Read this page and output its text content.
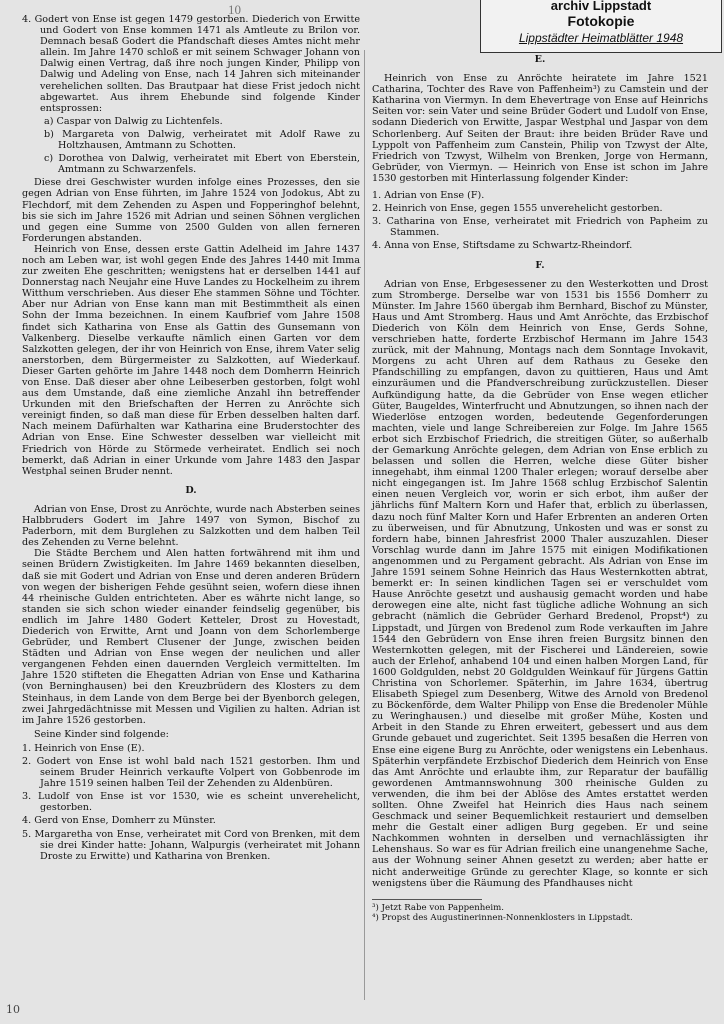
10	archiv Lippstadt
Fotokopie
Lippstädter Heimatblätter 1948

4. Godert von Ense ist gegen 1479 gestorben. Diederich von Erwitte und Godert von Ense kommen 1471 als Amtleute zu Brilon vor. Demnach besaß Godert die Pfandschaft dieses Amtes nicht mehr allein. Im Jahre 1470 schloß er mit seinem Schwager Johann von Dalwig einen Vertrag, daß ihre noch jungen Kinder, Philipp von Dalwig und Adeling von Ense, nach 14 Jahren sich miteinander verehelichen sollten. Das Brautpaar hat diese Frist jedoch nicht abgewartet. Aus ihrem Ehebunde sind folgende Kinder entsprossen:

a) Caspar von Dalwig zu Lichtenfels.

b) Margareta von Dalwig, verheiratet mit Adolf Rawe zu Holtzhausen, Amtmann zu Schotten.

c) Dorothea von Dalwig, verheiratet mit Ebert von Eberstein, Amtmann zu Schwarzenfels.

Diese drei Geschwister wurden infolge eines Prozesses, den sie gegen Adrian von Ense führten, im Jahre 1524 von Jodokus, Abt zu Flechdorf, mit dem Zehenden zu Aspen und Fopperinghof belehnt, bis sie sich im Jahre 1526 mit Adrian und seinen Söhnen verglichen und gegen eine Summe von 2500 Gulden von allen ferneren Forderungen abstanden.

Heinrich von Ense, dessen erste Gattin Adelheid im Jahre 1437 noch am Leben war, ist wohl gegen Ende des Jahres 1440 mit Imma zur zweiten Ehe geschritten; wenigstens hat er derselben 1441 auf Donnerstag nach Neujahr eine Huve Landes zu Hockelheim zu ihrem Witthum verschrieben. Aus dieser Ehe stammen Söhne und Töchter. Aber nur Adrian von Ense kann man mit Bestimmtheit als einen Sohn der Imma bezeichnen. In einem Kaufbrief vom Jahre 1508 findet sich Katharina von Ense als Gattin des Gunsemann von Valkenberg. Dieselbe verkaufte nämlich einen Garten vor dem Salzkotten gelegen, der ihr von Heinrich von Ense, ihrem Vater selig anerstorben, dem Bürgermeister zu Salzkotten, auf Wiederkauf. Dieser Garten gehörte im Jahre 1448 noch dem Domherrn Heinrich von Ense. Daß dieser aber ohne Leibeserben gestorben, folgt wohl aus dem Umstande, daß eine ziemliche Anzahl ihn betreffender Urkunden mit den Briefschaften der Herren zu Anröchte sich vereinigt finden, so daß man diese für Erben desselben halten darf. Nach meinem Dafürhalten war Katharina eine Bruderstochter des Adrian von Ense. Eine Schwester desselben war vielleicht mit Friedrich von Hörde zu Störmede verheiratet. Endlich sei noch bemerkt, daß Adrian in einer Urkunde vom Jahre 1483 den Jaspar Westphal seinen Bruder nennt.

D.

Adrian von Ense, Drost zu Anröchte, wurde nach Absterben seines Halbbruders Godert im Jahre 1497 von Symon, Bischof zu Paderborn, mit dem Burglehen zu Salzkotten und dem halben Teil des Zehenden zu Verne belehnt.

Die Städte Berchem und Alen hatten fortwährend mit ihm und seinen Brüdern Zwistigkeiten. Im Jahre 1469 bekannten dieselben, daß sie mit Godert und Adrian von Ense und deren anderen Brüdern von wegen der bisherigen Fehde gesühnt seien, wofern diese ihnen 44 rheinische Gulden entrichteten. Aber es währte nicht lange, so standen sie sich schon wieder einander feindselig gegenüber, bis endlich im Jahre 1480 Godert Ketteler, Drost zu Hovestadt, Diederich von Erwitte, Arnt und Joann von dem Schorlemberge Gebrüder, und Rembert Clusener der Junge, zwischen beiden Städten und Adrian von Ense wegen der neulichen und aller vergangenen Fehden einen dauernden Vergleich vermittelten. Im Jahre 1520 stifteten die Ehegatten Adrian von Ense und Katharina (von Berninghausen) bei den Kreuzbrüdern des Klosters zu dem Steinhaus, in dem Lande von dem Berge bei der Byenborch gelegen, zwei Jahrgedächtnisse mit Messen und Vigilien zu halten. Adrian ist im Jahre 1526 gestorben.

Seine Kinder sind folgende:

1. Heinrich von Ense (E).

2. Godert von Ense ist wohl bald nach 1521 gestorben. Ihm und seinem Bruder Heinrich verkaufte Volpert von Gobbenrode im Jahre 1519 seinen halben Teil der Zehenden zu Aldenbüren.

3. Ludolf von Ense ist vor 1530, wie es scheint unverehelicht, gestorben.

4. Gerd von Ense, Domherr zu Münster.

5. Margaretha von Ense, verheiratet mit Cord von Brenken, mit dem sie drei Kinder hatte: Johann, Walpurgis (verheiratet mit Johann Droste zu Erwitte) und Katharina von Brenken.

E.

Heinrich von Ense zu Anröchte heiratete im Jahre 1521 Catharina, Tochter des Rave von Paffenheim³) zu Camstein und der Katharina von Viermyn. In dem Ehevertrage von Ense auf Heinrichs Seiten vor: sein Vater und seine Brüder Godert und Ludolf von Ense, sodann Diederich von Erwitte, Jaspar Westphal und Jaspar von dem Schorlenberg. Auf Seiten der Braut: ihre beiden Brüder Rave und Lyppolt von Paffenheim zum Canstein, Philip von Tzwyst der Alte, Friedrich von Tzwyst, Wilhelm von Brenken, Jorge von Hermann, Gebrüder, von Viermyn. — Heinrich von Ense ist schon im Jahre 1530 gestorben mit Hinterlassung folgender Kinder:

1. Adrian von Ense (F).

2. Heinrich von Ense, gegen 1555 unverehelicht gestorben.

3. Catharina von Ense, verheiratet mit Friedrich von Papheim zu Stammen.

4. Anna von Ense, Stiftsdame zu Schwartz-Rheindorf.

F.

Adrian von Ense, Erbgesessener zu den Westerkotten und Drost zum Stromberge. Derselbe war von 1531 bis 1556 Domherr zu Münster. Im Jahre 1560 übergab ihm Bernhard, Bischof zu Münster, Haus und Amt Stromberg. Haus und Amt Anröchte, das Erzbischof Diederich von Köln dem Heinrich von Ense, Gerds Sohne, verschrieben hatte, forderte Erzbischof Hermann im Jahre 1543 zurück, mit der Mahnung, Montags nach dem Sonntage Invokavit, Morgens zu acht Uhren auf dem Rathaus zu Geseke den Pfandschilling zu empfangen, davon zu quittieren, Haus und Amt einzuräumen und die Pfandverschreibung zurückzustellen. Dieser Aufkündigung hatte, da die Gebrüder von Ense wegen etlicher Güter, Baugeldes, Winterfrucht und Abnutzungen, so ihnen nach der Wiederlöse entzogen worden, bedeutende Gegenforderungen machten, viele und lange Schreibereien zur Folge. Im Jahre 1565 erbot sich Erzbischof Friedrich, die streitigen Güter, so außerhalb der Gemarkung Anröchte gelegen, dem Adrian von Ense erblich zu belassen und sollen die Herren, welche diese Güter bisher innegehabt, ihm einmal 1200 Thaler erlegen; worauf derselbe aber nicht eingegangen ist. Im Jahre 1568 schlug Erzbischof Salentin einen neuen Vergleich vor, worin er sich erbot, ihm außer der jährlichs fünf Maltern Korn und Hafer that, erblich zu überlassen, dazu noch fünf Malter Korn und Hafer Erbrenten an anderen Orten zu überweisen, und für Abnutzung, Unkosten und was er sonst zu fordern habe, binnen Jahresfrist 2000 Thaler auszuzahlen. Dieser Vorschlag wurde dann im Jahre 1575 mit einigen Modifikationen angenommen und zu Pergament gebracht. Als Adrian von Ense im Jahre 1591 seinem Sohne Heinrich das Haus Westernkotten abtrat, bemerkt er: In seinen kindlichen Tagen sei er verschuldet vom Hause Anröchte gesetzt und aushausig gemacht worden und habe derowegen eine alte, nicht fast tügliche adliche Wohnung an sich gebracht (nämlich die Gebrüder Gerhard Bredenol, Propst⁴) zu Lippstadt, und Jürgen von Bredenol zum Rode verkauften im Jahre 1544 den Gebrüdern von Ense ihren freien Burgsitz binnen den Westernkotten gelegen, mit der Fischerei und Ländereien, sowie auch der Erlehof, anhabend 104 und einen halben Morgen Land, für 1600 Goldgulden, nebst 20 Goldgulden Weinkauf für Jürgens Gattin Christina von Schorlemer. Späterhin, im Jahre 1634, übertrug Elisabeth Spiegel zum Desenberg, Witwe des Arnold von Bredenol zu Böckenförde, dem Walter Philipp von Ense die Bredenoler Mühle zu Weringhausen.) und dieselbe mit großer Mühe, Kosten und Arbeit in den Stande zu Ehren erweitert, gebessert und aus dem Grunde gebauet und zugerichtet. Seit 1395 besaßen die Herren von Ense eine eigene Burg zu Anröchte, oder wenigstens ein Lebenhaus. Späterhin verpfändete Erzbischof Diederich dem Heinrich von Ense das Amt Anröchte und erlaubte ihm, zur Reparatur der baufällig gewordenen Amtmannswohnung 300 rheinische Gulden zu verwenden, die ihm bei der Ablöse des Amtes erstattet werden sollten. Ohne Zweifel hat Heinrich dies Haus nach seinem Geschmack und seiner Bequemlichkeit restauriert und demselben mehr die Gestalt einer adligen Burg gegeben. Er und seine Nachkommen wohnten in derselben und vernachlässigten ihr Lehenshaus. So war es für Adrian freilich eine unangenehme Sache, aus der Wohnung seiner Ahnen gesetzt zu werden; aber hatte er nicht anderweitige Gründe zu gerechter Klage, so konnte er sich wenigstens über die Räumung des Pfandhauses nicht

³) Jetzt Rabe von Pappenheim.

⁴) Propst des Augustinerinnen-Nonnenklosters in Lippstadt.

10
